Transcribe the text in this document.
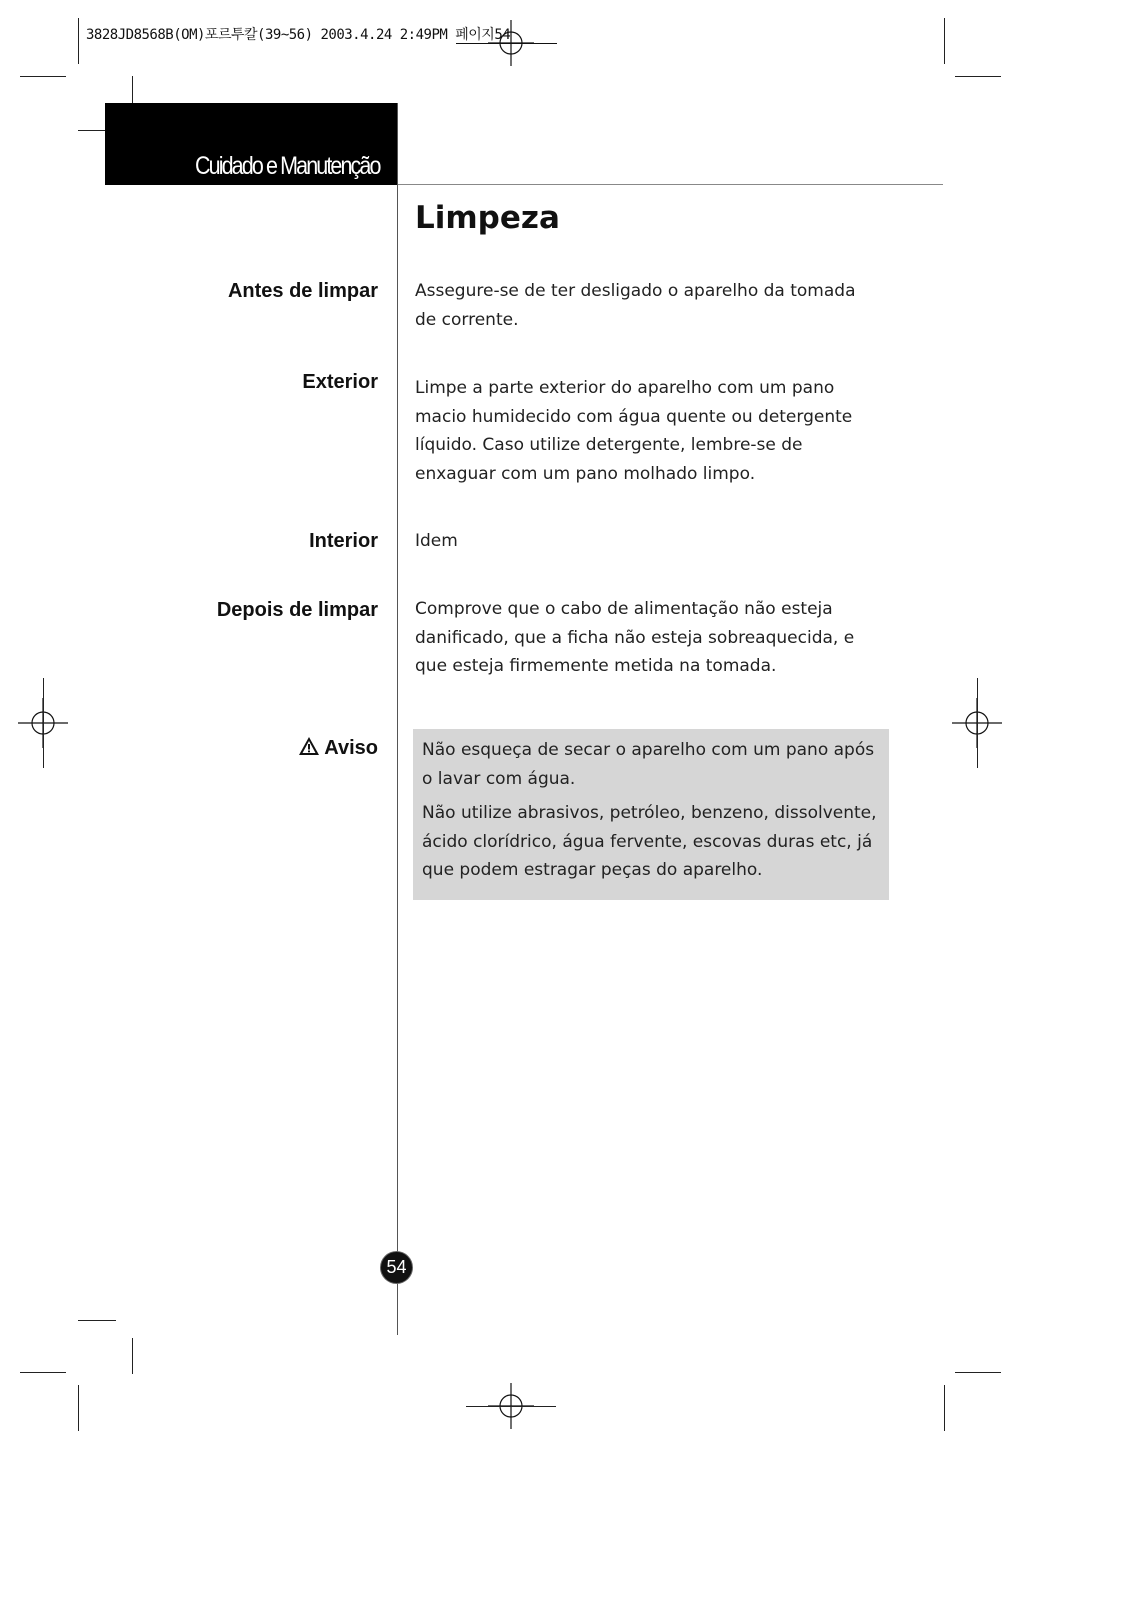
3828JD8568B(OM)포르투칼(39~56) 2003.4.24 2:49PM 페이지54
Cuidado e Manutenção
Limpeza
Antes de limpar Assegure-se de ter desligado o aparelho da tomada de corrente.
Exterior Limpe a parte exterior do aparelho com um pano macio humidecido com água quente ou detergente líquido. Caso utilize detergente, lembre-se de enxaguar com um pano molhado limpo.
Interior Idem
Depois de limpar Comprove que o cabo de alimentação não esteja danificado, que a ficha não esteja sobreaquecida, e que esteja firmemente metida na tomada.
Aviso	Não esqueça de secar o aparelho com um pano após o lavar com água.

Não utilize abrasivos, petróleo, benzeno, dissolvente, ácido clorídrico, água fervente, escovas duras etc, já que podem estragar peças do aparelho.

54
